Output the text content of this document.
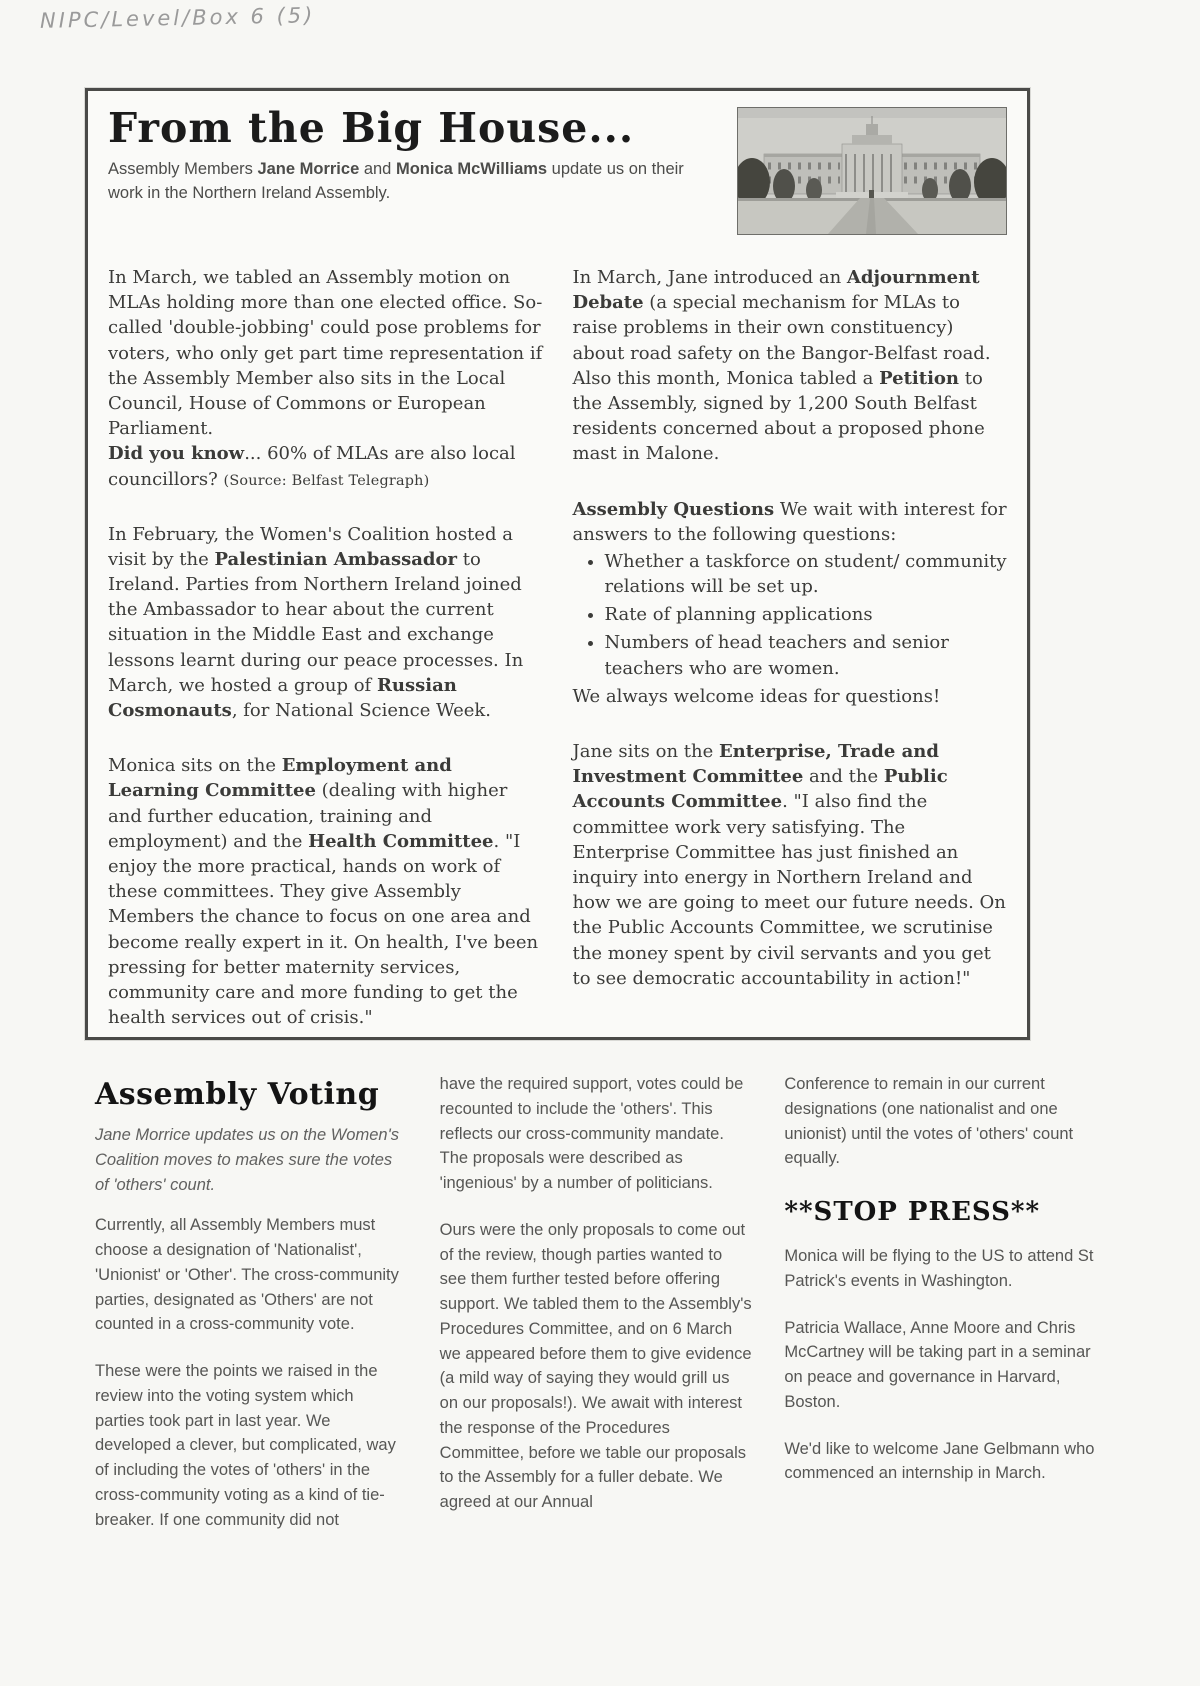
NIPC/Level/Box 6 (5)
From the Big House...
Assembly Members Jane Morrice and Monica McWilliams update us on their work in the Northern Ireland Assembly.

In March, we tabled an Assembly motion on MLAs holding more than one elected office. So-called 'double-jobbing' could pose problems for voters, who only get part time representation if the Assembly Member also sits in the Local Council, House of Commons or European Parliament.
Did you know... 60% of MLAs are also local councillors? (Source: Belfast Telegraph)

In February, the Women's Coalition hosted a visit by the Palestinian Ambassador to Ireland. Parties from Northern Ireland joined the Ambassador to hear about the current situation in the Middle East and exchange lessons learnt during our peace processes. In March, we hosted a group of Russian Cosmonauts, for National Science Week.

Monica sits on the Employment and Learning Committee (dealing with higher and further education, training and employment) and the Health Committee. "I enjoy the more practical, hands on work of these committees. They give Assembly Members the chance to focus on one area and become really expert in it. On health, I've been pressing for better maternity services, community care and more funding to get the health services out of crisis."

In March, Jane introduced an Adjournment Debate (a special mechanism for MLAs to raise problems in their own constituency) about road safety on the Bangor-Belfast road.
Also this month, Monica tabled a Petition to the Assembly, signed by 1,200 South Belfast residents concerned about a proposed phone mast in Malone.

Assembly Questions We wait with interest for answers to the following questions:

• Whether a taskforce on student/ community relations will be set up.
• Rate of planning applications
• Numbers of head teachers and senior teachers who are women.

We always welcome ideas for questions!

Jane sits on the Enterprise, Trade and Investment Committee and the Public Accounts Committee. "I also find the committee work very satisfying. The Enterprise Committee has just finished an inquiry into energy in Northern Ireland and how we are going to meet our future needs. On the Public Accounts Committee, we scrutinise the money spent by civil servants and you get to see democratic accountability in action!"

Assembly Voting

Jane Morrice updates us on the Women's Coalition moves to makes sure the votes of 'others' count.

Currently, all Assembly Members must choose a designation of 'Nationalist', 'Unionist' or 'Other'. The cross-community parties, designated as 'Others' are not counted in a cross-community vote.

These were the points we raised in the review into the voting system which parties took part in last year. We developed a clever, but complicated, way of including the votes of 'others' in the cross-community voting as a kind of tie-breaker. If one community did not

have the required support, votes could be recounted to include the 'others'. This reflects our cross-community mandate. The proposals were described as 'ingenious' by a number of politicians.

Ours were the only proposals to come out of the review, though parties wanted to see them further tested before offering support. We tabled them to the Assembly's Procedures Committee, and on 6 March we appeared before them to give evidence (a mild way of saying they would grill us on our proposals!). We await with interest the response of the Procedures Committee, before we table our proposals to the Assembly for a fuller debate. We agreed at our Annual

Conference to remain in our current designations (one nationalist and one unionist) until the votes of 'others' count equally.

**STOP PRESS**

Monica will be flying to the US to attend St Patrick's events in Washington.

Patricia Wallace, Anne Moore and Chris McCartney will be taking part in a seminar on peace and governance in Harvard, Boston.

We'd like to welcome Jane Gelbmann who commenced an internship in March.
